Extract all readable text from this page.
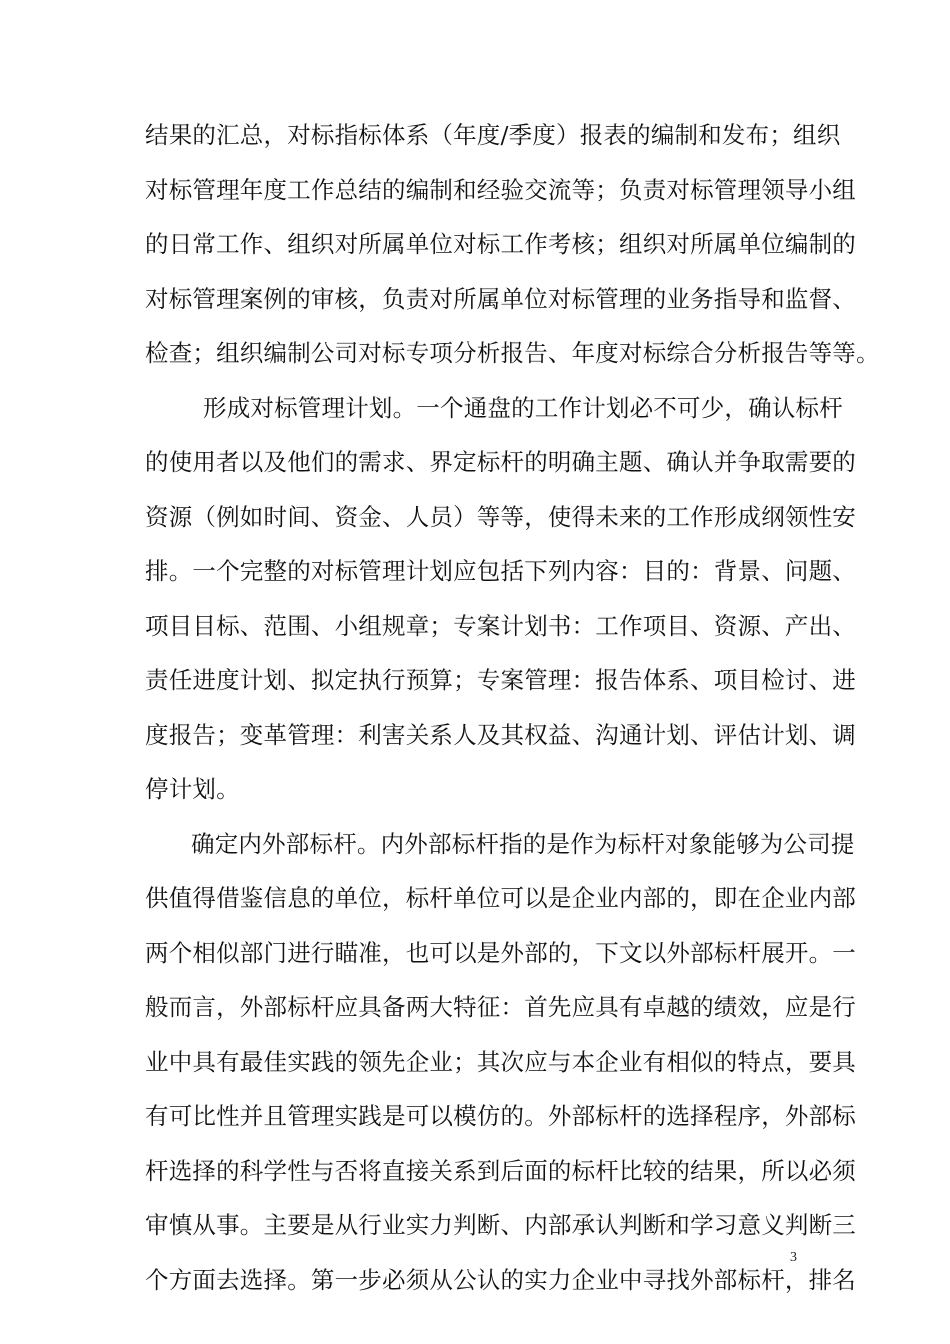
结果的汇总，对标指标体系（年度/季度）报表的编制和发布；组织
对标管理年度工作总结的编制和经验交流等；负责对标管理领导小组
的日常工作、组织对所属单位对标工作考核；组织对所属单位编制的
对标管理案例的审核，负责对所属单位对标管理的业务指导和监督、
检查；组织编制公司对标专项分析报告、年度对标综合分析报告等等。
形成对标管理计划。一个通盘的工作计划必不可少，确认标杆
的使用者以及他们的需求、界定标杆的明确主题、确认并争取需要的
资源（例如时间、资金、人员）等等，使得未来的工作形成纲领性安
排。一个完整的对标管理计划应包括下列内容：目的：背景、问题、
项目目标、范围、小组规章；专案计划书：工作项目、资源、产出、
责任进度计划、拟定执行预算；专案管理：报告体系、项目检讨、进
度报告；变革管理：利害关系人及其权益、沟通计划、评估计划、调
停计划。
确定内外部标杆。内外部标杆指的是作为标杆对象能够为公司提
供值得借鉴信息的单位，标杆单位可以是企业内部的，即在企业内部
两个相似部门进行瞄准，也可以是外部的，下文以外部标杆展开。一
般而言，外部标杆应具备两大特征：首先应具有卓越的绩效，应是行
业中具有最佳实践的领先企业；其次应与本企业有相似的特点，要具
有可比性并且管理实践是可以模仿的。外部标杆的选择程序，外部标
杆选择的科学性与否将直接关系到后面的标杆比较的结果，所以必须
审慎从事。主要是从行业实力判断、内部承认判断和学习意义判断三
个方面去选择。第一步必须从公认的实力企业中寻找外部标杆，排名
3
